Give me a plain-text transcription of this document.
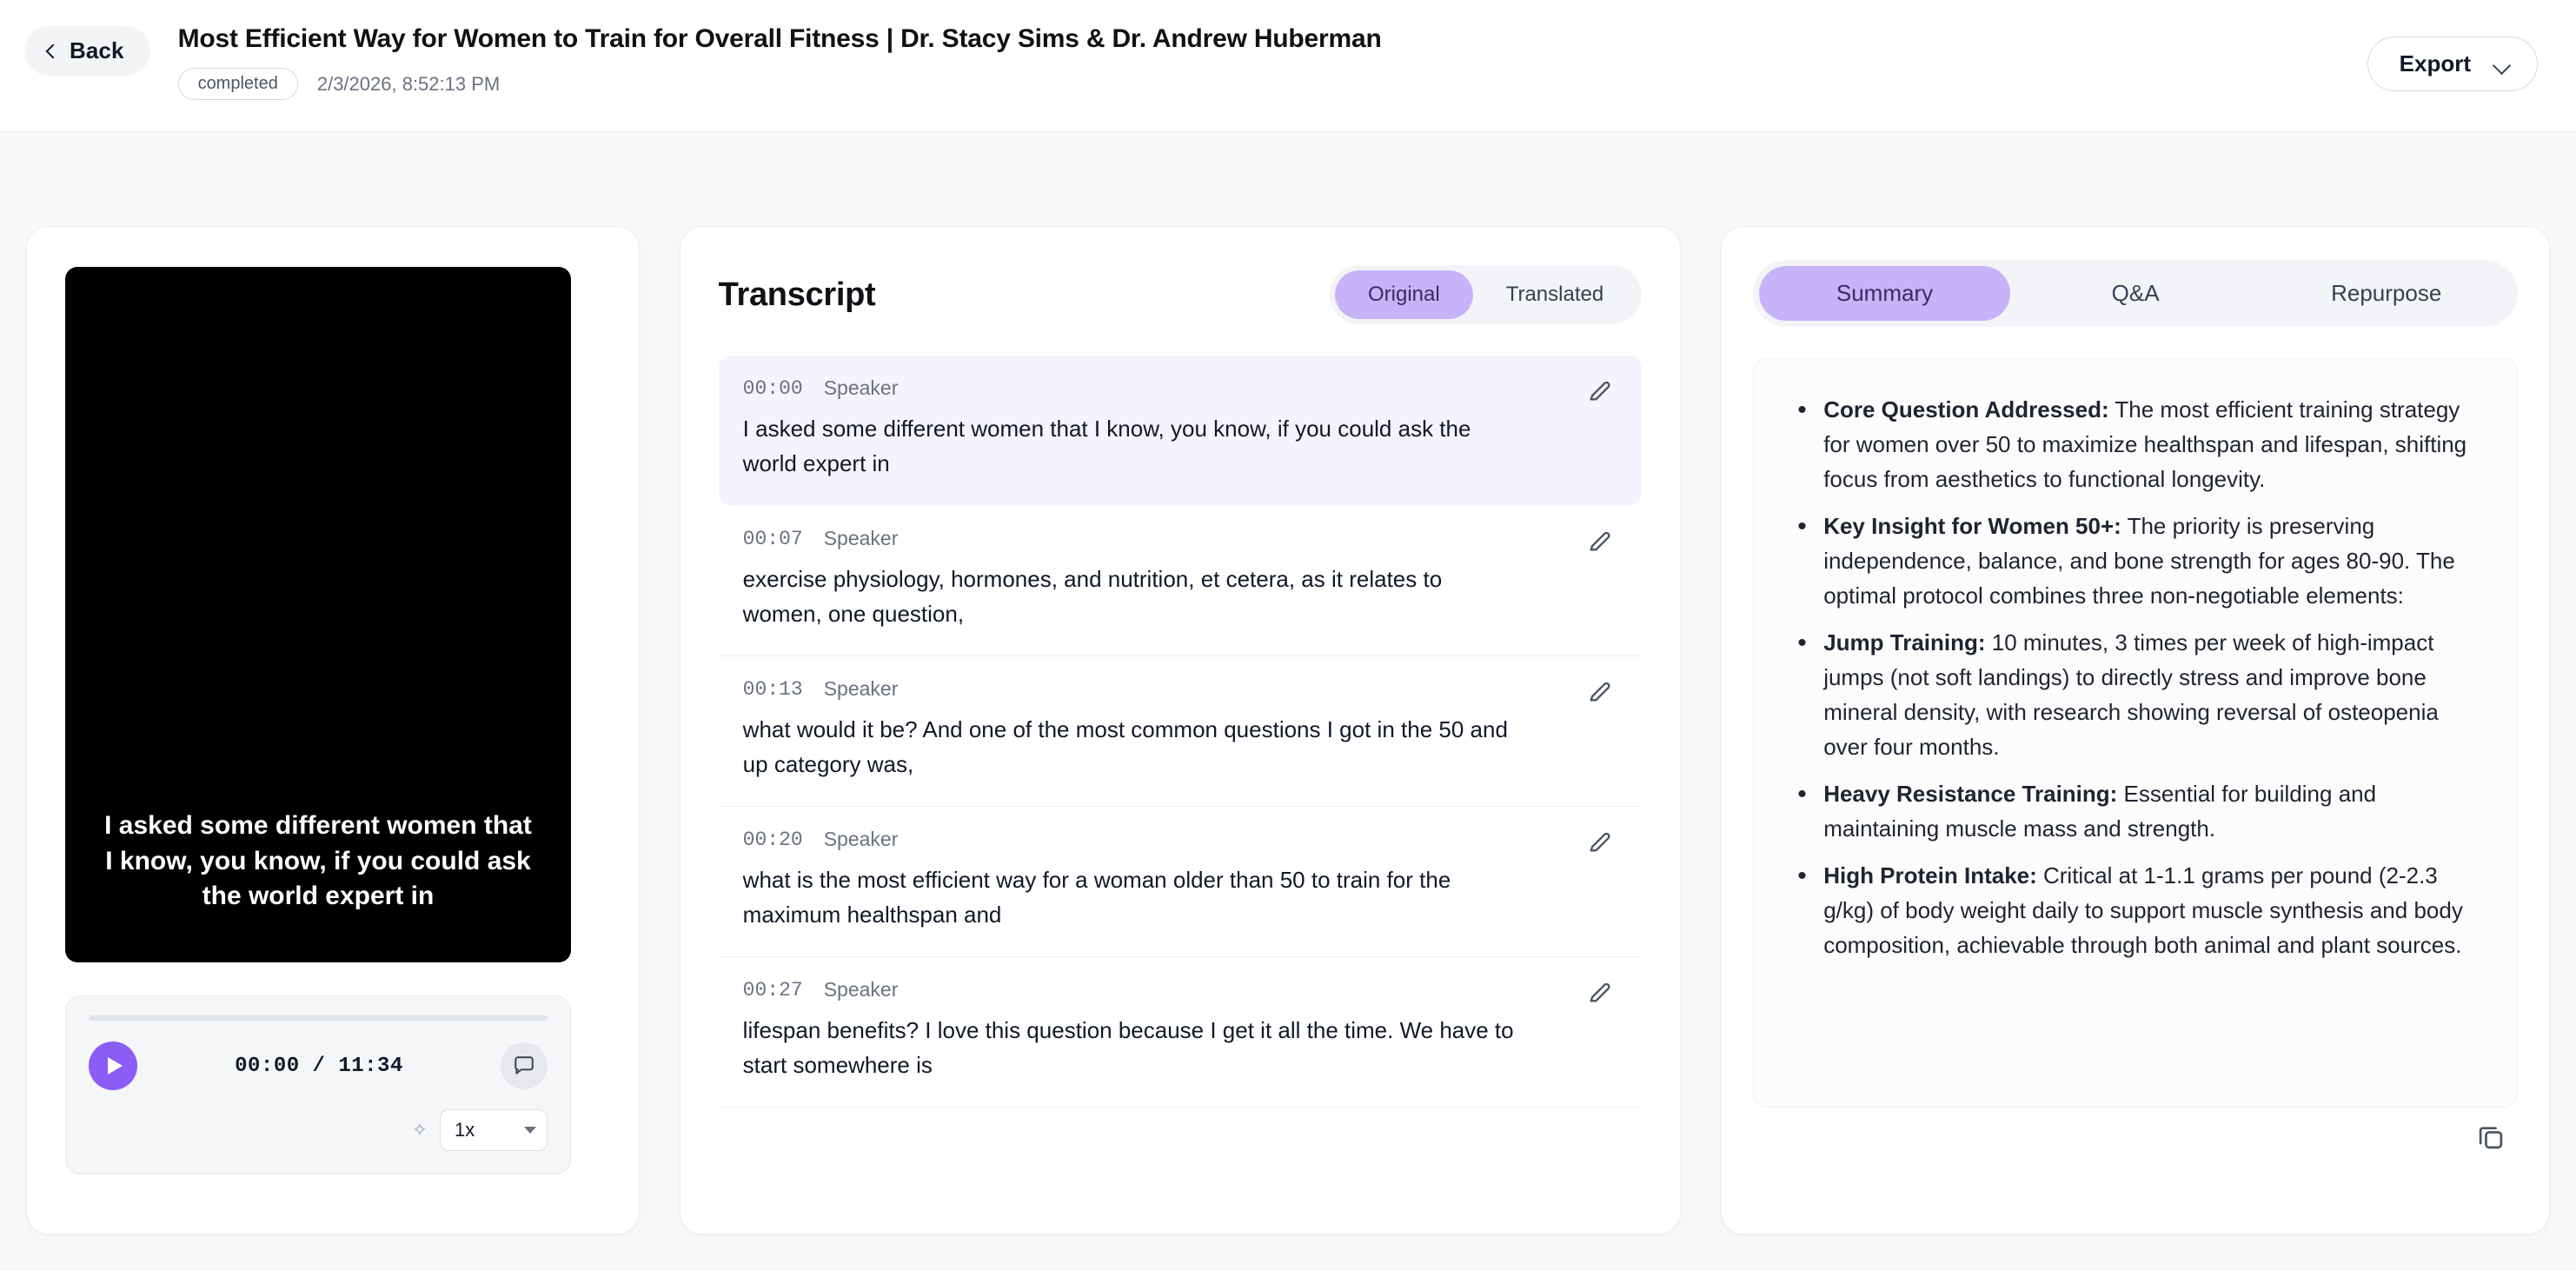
Back Most Efficient Way for Women to Train for Overall Fitness | Dr. Stacy Sims & Dr. Andrew Huberman
completed	2/3/2026, 8:52:13 PM
Export
I asked some different women that I know, you know, if you could ask the world expert in
00:00 / 11:34
✧ 1x
Transcript	Original	Translated
00:00 Speaker
I asked some different women that I know, you know, if you could ask the world expert in
00:07 Speaker
exercise physiology, hormones, and nutrition, et cetera, as it relates to women, one question,
00:13 Speaker
what would it be? And one of the most common questions I got in the 50 and up category was,
00:20 Speaker
what is the most efficient way for a woman older than 50 to train for the maximum healthspan and
00:27 Speaker
lifespan benefits? I love this question because I get it all the time. We have to start somewhere is
Summary	Q&A	Repurpose
• Core Question Addressed: The most efficient training strategy for women over 50 to maximize healthspan and lifespan, shifting focus from aesthetics to functional longevity.
• Key Insight for Women 50+: The priority is preserving independence, balance, and bone strength for ages 80-90. The optimal protocol combines three non-negotiable elements:
• Jump Training: 10 minutes, 3 times per week of high-impact jumps (not soft landings) to directly stress and improve bone mineral density, with research showing reversal of osteopenia over four months.
• Heavy Resistance Training: Essential for building and maintaining muscle mass and strength.
• High Protein Intake: Critical at 1-1.1 grams per pound (2-2.3 g/kg) of body weight daily to support muscle synthesis and body composition, achievable through both animal and plant sources.
